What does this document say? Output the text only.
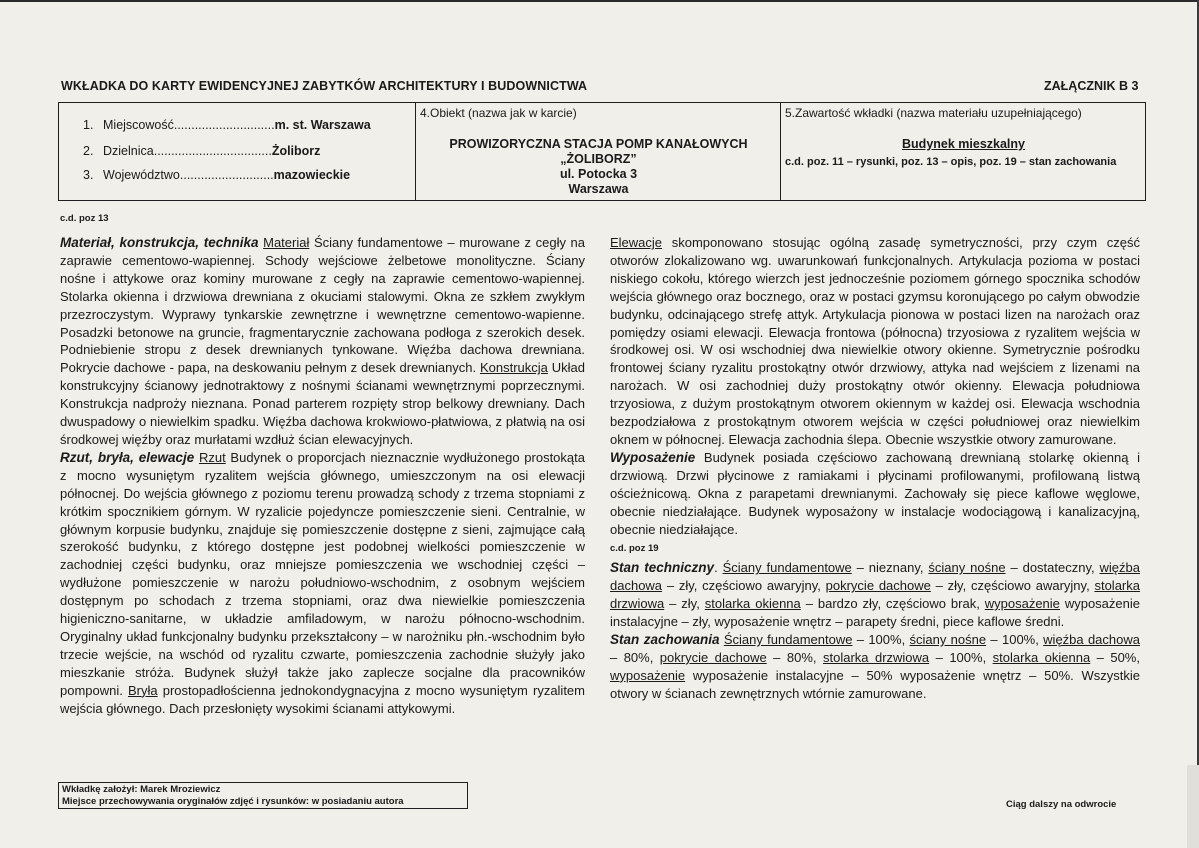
WKŁADKA DO KARTY EWIDENCYJNEJ ZABYTKÓW ARCHITEKTURY I BUDOWNICTWA	ZAŁĄCZNIK B 3
1. Miejscowość.............................m. st. Warszawa
2. Dzielnica..................................Żoliborz
3. Województwo...........................mazowieckie
4.Obiekt (nazwa jak w karcie)
PROWIZORYCZNA STACJA POMP KANAŁOWYCH
„ŻOLIBORZ”
ul. Potocka 3
Warszawa
5.Zawartość wkładki (nazwa materiału uzupełniającego)
Budynek mieszkalny
c.d. poz. 11 – rysunki, poz. 13 – opis, poz. 19 – stan zachowania
c.d. poz 13

Materiał, konstrukcja, technika Materiał Ściany fundamentowe – murowane z cegły na zaprawie cementowo-wapiennej. Schody wejściowe żelbetowe monolityczne. Ściany nośne i attykowe oraz kominy murowane z cegły na zaprawie cementowo-wapiennej. Stolarka okienna i drzwiowa drewniana z okuciami stalowymi. Okna ze szkłem zwykłym przezroczystym. Wyprawy tynkarskie zewnętrzne i wewnętrzne cementowo-wapienne. Posadzki betonowe na gruncie, fragmentarycznie zachowana podłoga z szerokich desek. Podniebienie stropu z desek drewnianych tynkowane. Więźba dachowa drewniana. Pokrycie dachowe - papa, na deskowaniu pełnym z desek drewnianych. Konstrukcja Układ konstrukcyjny ścianowy jednotraktowy z nośnymi ścianami wewnętrznymi poprzecznymi. Konstrukcja nadproży nieznana. Ponad parterem rozpięty strop belkowy drewniany. Dach dwuspadowy o niewielkim spadku. Więźba dachowa krokwiowo-płatwiowa, z płatwią na osi środkowej więźby oraz murłatami wzdłuż ścian elewacyjnych.

Rzut, bryła, elewacje Rzut Budynek o proporcjach nieznacznie wydłużonego prostokąta z mocno wysuniętym ryzalitem wejścia głównego, umieszczonym na osi elewacji północnej. Do wejścia głównego z poziomu terenu prowadzą schody z trzema stopniami z krótkim spocznikiem górnym. W ryzalicie pojedyncze pomieszczenie sieni. Centralnie, w głównym korpusie budynku, znajduje się pomieszczenie dostępne z sieni, zajmujące całą szerokość budynku, z którego dostępne jest podobnej wielkości pomieszczenie w zachodniej części budynku, oraz mniejsze pomieszczenia we wschodniej części – wydłużone pomieszczenie w narożu południowo-wschodnim, z osobnym wejściem dostępnym po schodach z trzema stopniami, oraz dwa niewielkie pomieszczenia higieniczno-sanitarne, w układzie amfiladowym, w narożu północno-wschodnim. Oryginalny układ funkcjonalny budynku przekształcony – w narożniku płn.-wschodnim było trzecie wejście, na wschód od ryzalitu czwarte, pomieszczenia zachodnie służyły jako mieszkanie stróża. Budynek służył także jako zaplecze socjalne dla pracowników pompowni. Bryła prostopadłościenna jednokondygnacyjna z mocno wysuniętym ryzalitem wejścia głównego. Dach przesłonięty wysokimi ścianami attykowymi.

Elewacje skomponowano stosując ogólną zasadę symetryczności, przy czym część otworów zlokalizowano wg. uwarunkowań funkcjonalnych. Artykulacja pozioma w postaci niskiego cokołu, którego wierzch jest jednocześnie poziomem górnego spocznika schodów wejścia głównego oraz bocznego, oraz w postaci gzymsu koronującego po całym obwodzie budynku, odcinającego strefę attyk. Artykulacja pionowa w postaci lizen na narożach oraz pomiędzy osiami elewacji. Elewacja frontowa (północna) trzyosiowa z ryzalitem wejścia w środkowej osi. W osi wschodniej dwa niewielkie otwory okienne. Symetrycznie pośrodku frontowej ściany ryzalitu prostokątny otwór drzwiowy, attyka nad wejściem z lizenami na narożach. W osi zachodniej duży prostokątny otwór okienny. Elewacja południowa trzyosiowa, z dużym prostokątnym otworem okiennym w każdej osi. Elewacja wschodnia bezpodziałowa z prostokątnym otworem wejścia w części południowej oraz niewielkim oknem w północnej. Elewacja zachodnia ślepa. Obecnie wszystkie otwory zamurowane.

Wyposażenie Budynek posiada częściowo zachowaną drewnianą stolarkę okienną i drzwiową. Drzwi płycinowe z ramiakami i płycinami profilowanymi, profilowaną listwą ościeżnicową. Okna z parapetami drewnianymi. Zachowały się piece kaflowe węglowe, obecnie niedziałające. Budynek wyposażony w instalacje wodociągową i kanalizacyjną, obecnie niedziałające.

c.d. poz 19

Stan techniczny. Ściany fundamentowe – nieznany, ściany nośne – dostateczny, więźba dachowa – zły, częściowo awaryjny, pokrycie dachowe – zły, częściowo awaryjny, stolarka drzwiowa – zły, stolarka okienna – bardzo zły, częściowo brak, wyposażenie wyposażenie instalacyjne – zły, wyposażenie wnętrz – parapety średni, piece kaflowe średni.

Stan zachowania Ściany fundamentowe – 100%, ściany nośne – 100%, więźba dachowa – 80%, pokrycie dachowe – 80%, stolarka drzwiowa – 100%, stolarka okienna – 50%, wyposażenie wyposażenie instalacyjne – 50% wyposażenie wnętrz – 50%. Wszystkie otwory w ścianach zewnętrznych wtórnie zamurowane.

Wkładkę założył: Marek Mroziewicz
Miejsce przechowywania oryginałów zdjęć i rysunków: w posiadaniu autora	Ciąg dalszy na odwrocie
